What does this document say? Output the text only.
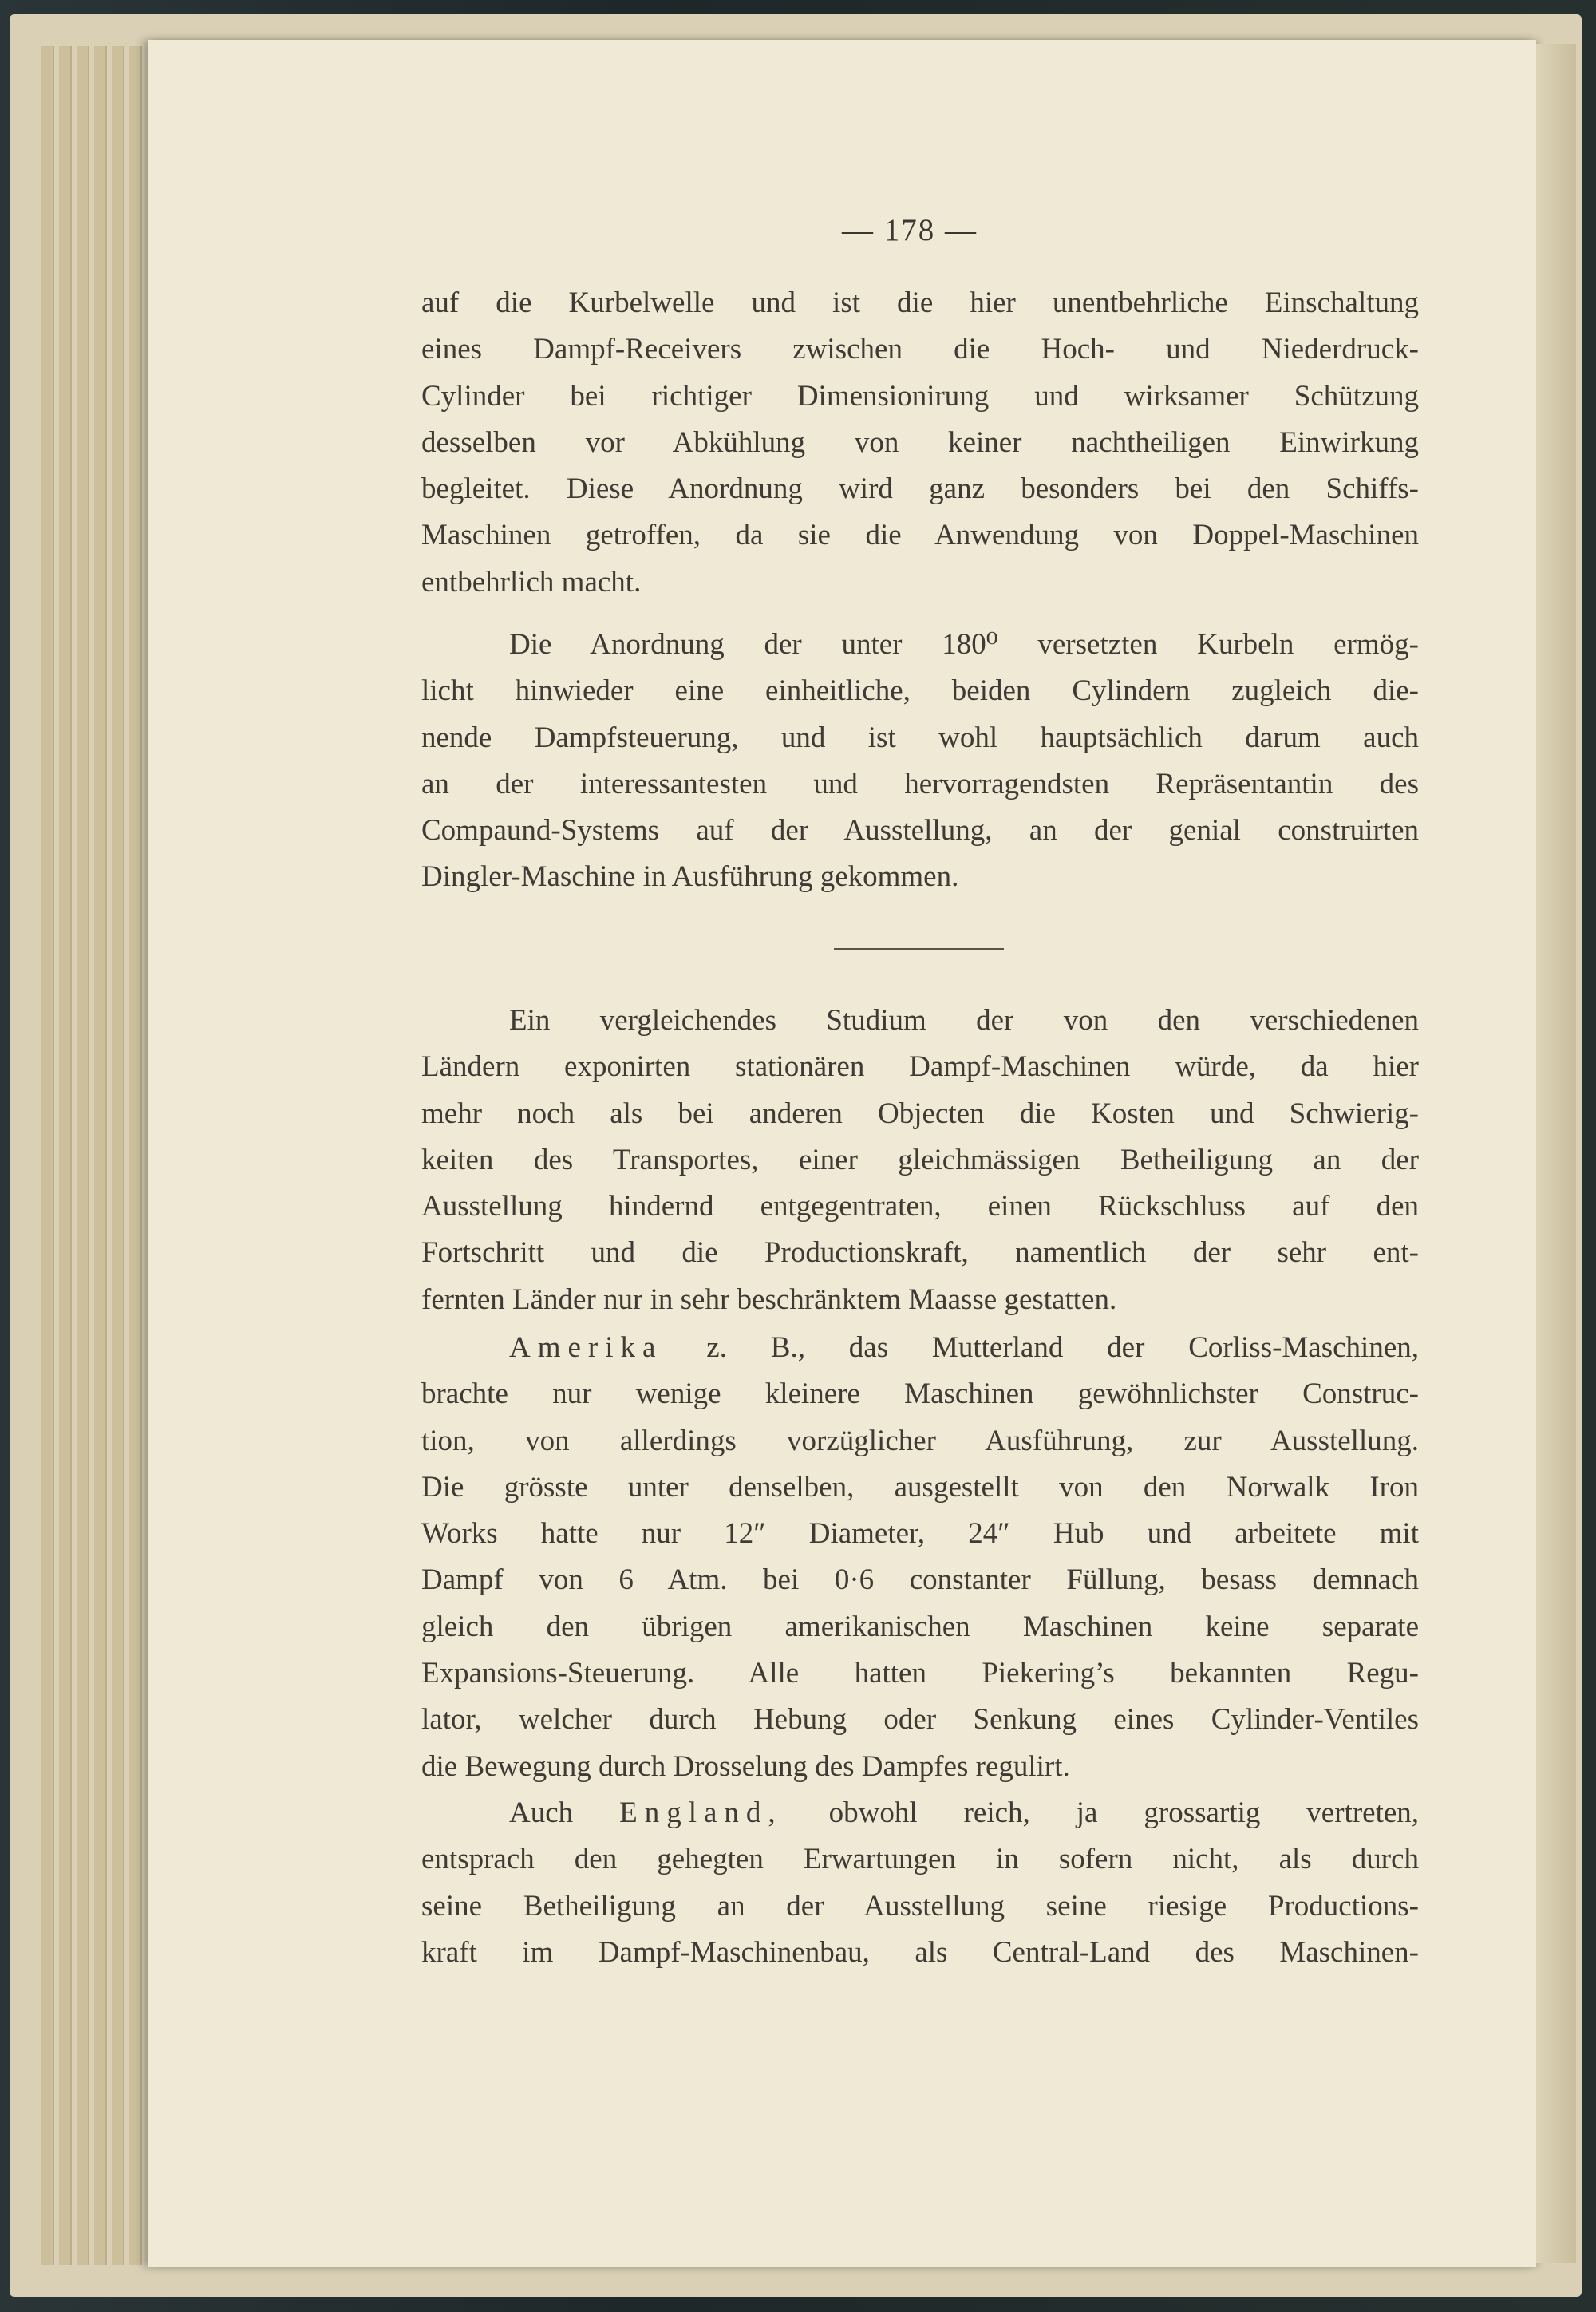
— 178 —
auf die Kurbelwelle und ist die hier unentbehrliche Einschaltung
eines Dampf-Receivers zwischen die Hoch- und Niederdruck-
Cylinder bei richtiger Dimensionirung und wirksamer Schützung
desselben vor Abkühlung von keiner nachtheiligen Einwirkung
begleitet. Diese Anordnung wird ganz besonders bei den Schiffs-
Maschinen getroffen, da sie die Anwendung von Doppel-Maschinen
entbehrlich macht.
Die Anordnung der unter 180⁰ versetzten Kurbeln ermög-
licht hinwieder eine einheitliche, beiden Cylindern zugleich die-
nende Dampfsteuerung, und ist wohl hauptsächlich darum auch
an der interessantesten und hervorragendsten Repräsentantin des
Compaund-Systems auf der Ausstellung, an der genial construirten
Dingler-Maschine in Ausführung gekommen.
Ein vergleichendes Studium der von den verschiedenen
Ländern exponirten stationären Dampf-Maschinen würde, da hier
mehr noch als bei anderen Objecten die Kosten und Schwierig-
keiten des Transportes, einer gleichmässigen Betheiligung an der
Ausstellung hindernd entgegentraten, einen Rückschluss auf den
Fortschritt und die Productionskraft, namentlich der sehr ent-
fernten Länder nur in sehr beschränktem Maasse gestatten.
Amerika z. B., das Mutterland der Corliss-Maschinen,
brachte nur wenige kleinere Maschinen gewöhnlichster Construc-
tion, von allerdings vorzüglicher Ausführung, zur Ausstellung.
Die grösste unter denselben, ausgestellt von den Norwalk Iron
Works hatte nur 12″ Diameter, 24″ Hub und arbeitete mit
Dampf von 6 Atm. bei 0·6 constanter Füllung, besass demnach
gleich den übrigen amerikanischen Maschinen keine separate
Expansions-Steuerung. Alle hatten Piekering’s bekannten Regu-
lator, welcher durch Hebung oder Senkung eines Cylinder-Ventiles
die Bewegung durch Drosselung des Dampfes regulirt.
Auch England, obwohl reich, ja grossartig vertreten,
entsprach den gehegten Erwartungen in sofern nicht, als durch
seine Betheiligung an der Ausstellung seine riesige Productions-
kraft im Dampf-Maschinenbau, als Central-Land des Maschinen-
